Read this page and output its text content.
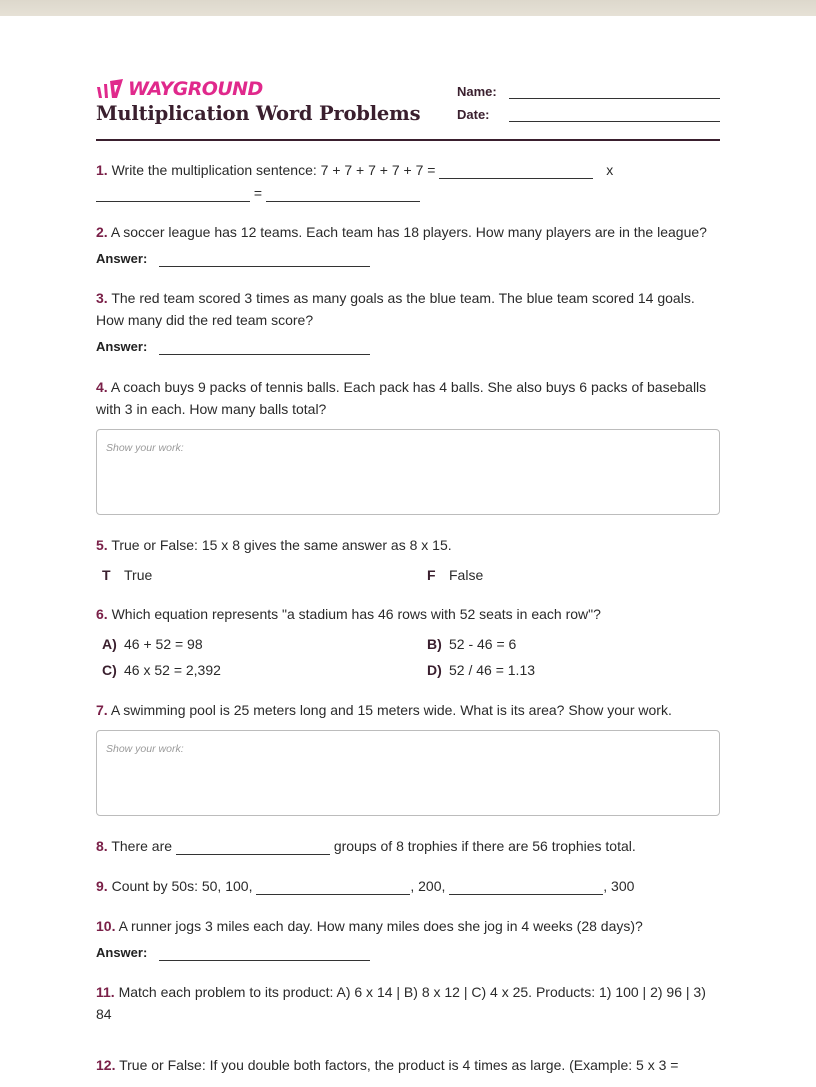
WAYGROUND
Multiplication Word Problems
Name:
Date:
1. Write the multiplication sentence: 7 + 7 + 7 + 7 + 7 =	x
=
2. A soccer league has 12 teams. Each team has 18 players. How many players are in the league?
Answer:
3. The red team scored 3 times as many goals as the blue team. The blue team scored 14 goals. How many did the red team score?
Answer:
4. A coach buys 9 packs of tennis balls. Each pack has 4 balls. She also buys 6 packs of baseballs with 3 in each. How many balls total?
Show your work:
5. True or False: 15 x 8 gives the same answer as 8 x 15.
T True	F False
6. Which equation represents "a stadium has 46 rows with 52 seats in each row"?
A) 46 + 52 = 98	B) 52 - 46 = 6
C) 46 x 52 = 2,392	D) 52 / 46 = 1.13
7. A swimming pool is 25 meters long and 15 meters wide. What is its area? Show your work.
Show your work:
8. There are	groups of 8 trophies if there are 56 trophies total.
9. Count by 50s: 50, 100,	, 200,	, 300
10. A runner jogs 3 miles each day. How many miles does she jog in 4 weeks (28 days)?
Answer:
11. Match each problem to its product: A) 6 x 14 | B) 8 x 12 | C) 4 x 25. Products: 1) 100 | 2) 96 | 3) 84
12. True or False: If you double both factors, the product is 4 times as large. (Example: 5 x 3 =
